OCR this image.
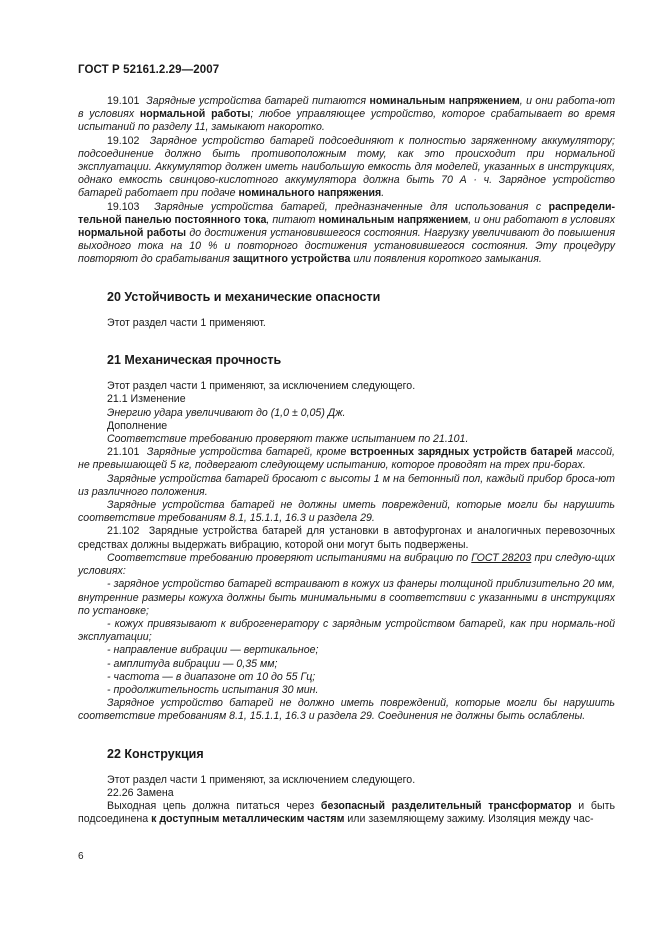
ГОСТ Р 52161.2.29—2007

19.101 Зарядные устройства батарей питаются номинальным напряжением, и они работа-ют в условиях нормальной работы; любое управляющее устройство, которое срабатывает во время испытаний по разделу 11, замыкают накоротко.

19.102 Зарядное устройство батарей подсоединяют к полностью заряженному аккумулятору; подсоединение должно быть противоположным тому, как это происходит при нормальной эксплуатации. Аккумулятор должен иметь наибольшую емкость для моделей, указанных в инструкциях, однако емкость свинцово-кислотного аккумулятора должна быть 70 А · ч. Зарядное устройство батарей работает при подаче номинального напряжения.

19.103 Зарядные устройства батарей, предназначенные для использования с распредели-тельной панелью постоянного тока, питают номинальным напряжением, и они работают в условиях нормальной работы до достижения установившегося состояния. Нагрузку увеличивают до повышения выходного тока на 10 % и повторного достижения установившегося состояния. Эту процедуру повторяют до срабатывания защитного устройства или появления короткого замыкания.

20 Устойчивость и механические опасности

Этот раздел части 1 применяют.

21 Механическая прочность

Этот раздел части 1 применяют, за исключением следующего.

21.1 Изменение

Энергию удара увеличивают до (1,0 ± 0,05) Дж.

Дополнение

Соответствие требованию проверяют также испытанием по 21.101.

21.101 Зарядные устройства батарей, кроме встроенных зарядных устройств батарей массой, не превышающей 5 кг, подвергают следующему испытанию, которое проводят на трех при-борах.

Зарядные устройства батарей бросают с высоты 1 м на бетонный пол, каждый прибор броса-ют из различного положения.

Зарядные устройства батарей не должны иметь повреждений, которые могли бы нарушить соответствие требованиям 8.1, 15.1.1, 16.3 и раздела 29.

21.102 Зарядные устройства батарей для установки в автофургонах и аналогичных перевозочных средствах должны выдержать вибрацию, которой они могут быть подвержены.

Соответствие требованию проверяют испытаниями на вибрацию по ГОСТ 28203 при следую-щих условиях:

- зарядное устройство батарей встраивают в кожух из фанеры толщиной приблизительно 20 мм, внутренние размеры кожуха должны быть минимальными в соответствии с указанными в инструкциях по установке;

- кожух привязывают к виброгенератору с зарядным устройством батарей, как при нормаль-ной эксплуатации;

- направление вибрации — вертикальное;

- амплитуда вибрации — 0,35 мм;

- частота — в диапазоне от 10 до 55 Гц;

- продолжительность испытания 30 мин.

Зарядное устройство батарей не должно иметь повреждений, которые могли бы нарушить соответствие требованиям 8.1, 15.1.1, 16.3 и раздела 29. Соединения не должны быть ослаблены.

22 Конструкция

Этот раздел части 1 применяют, за исключением следующего.

22.26 Замена

Выходная цепь должна питаться через безопасный разделительный трансформатор и быть подсоединена к доступным металлическим частям или заземляющему зажиму. Изоляция между час-

6
